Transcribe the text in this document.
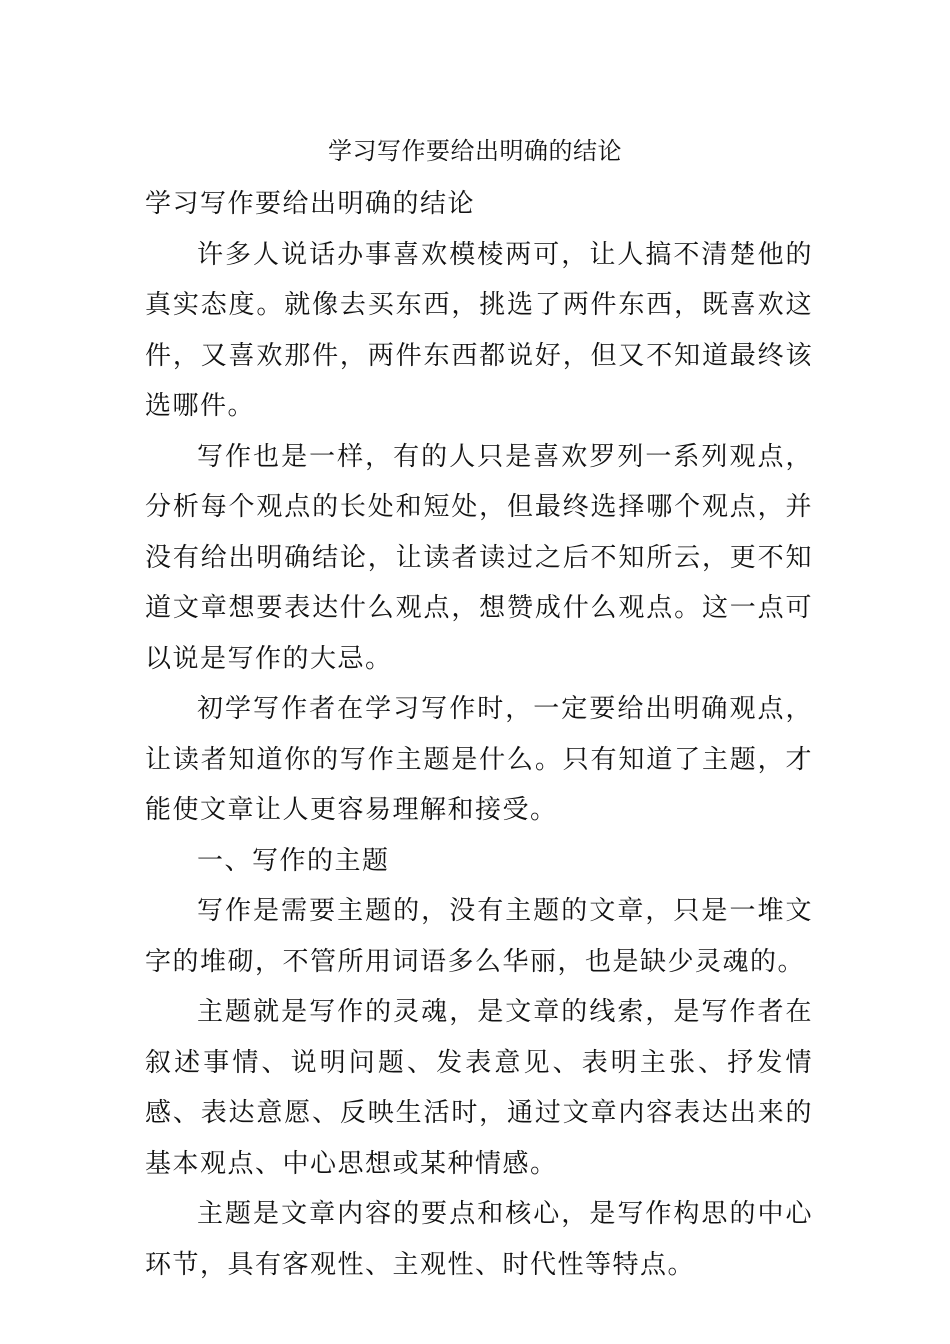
学习写作要给出明确的结论

学习写作要给出明确的结论

许多人说话办事喜欢模棱两可，让人搞不清楚他的真实态度。就像去买东西，挑选了两件东西，既喜欢这件，又喜欢那件，两件东西都说好，但又不知道最终该选哪件。

写作也是一样，有的人只是喜欢罗列一系列观点，分析每个观点的长处和短处，但最终选择哪个观点，并没有给出明确结论，让读者读过之后不知所云，更不知道文章想要表达什么观点，想赞成什么观点。这一点可以说是写作的大忌。

初学写作者在学习写作时，一定要给出明确观点，让读者知道你的写作主题是什么。只有知道了主题，才能使文章让人更容易理解和接受。

一、写作的主题

写作是需要主题的，没有主题的文章，只是一堆文字的堆砌，不管所用词语多么华丽，也是缺少灵魂的。

主题就是写作的灵魂，是文章的线索，是写作者在叙述事情、说明问题、发表意见、表明主张、抒发情感、表达意愿、反映生活时，通过文章内容表达出来的基本观点、中心思想或某种情感。

主题是文章内容的要点和核心，是写作构思的中心环节，具有客观性、主观性、时代性等特点。
